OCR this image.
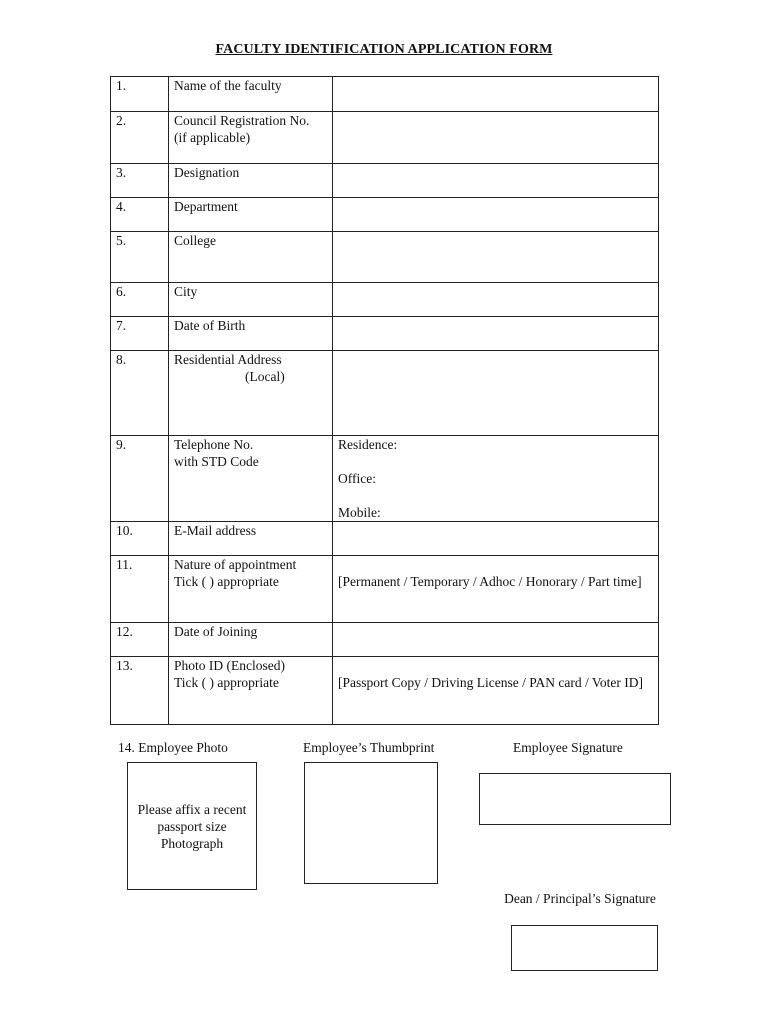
FACULTY IDENTIFICATION APPLICATION FORM
1.	Name of the faculty	
2.	Council Registration No.
(if applicable)	

3.	Designation	
4.	Department	
5.	College	
6.	City	
7.	Date of Birth	
8.	Residential Address
(Local)	

9.	Telephone No.
with STD Code	Residence:
Office:
Mobile:

10.	E-Mail address	
11.	Nature of appointment
Tick ( ) appropriate	[Permanent / Temporary / Adhoc / Honorary / Part time]

12.	Date of Joining	
13.	Photo ID (Enclosed)
Tick ( ) appropriate	[Passport Copy / Driving License / PAN card / Voter ID]
14. Employee Photo	Employee’s Thumbprint	Employee Signature
Please affix a recent passport size Photograph
Dean / Principal’s Signature
